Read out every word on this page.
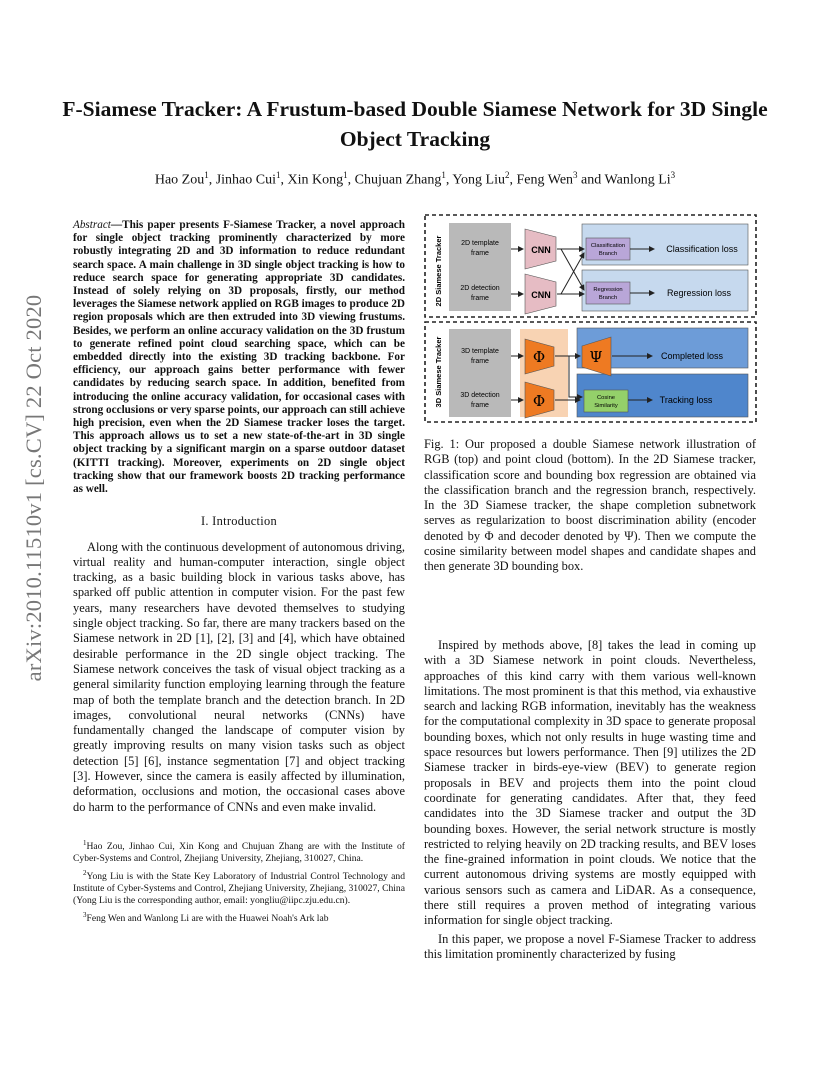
arXiv:2010.11510v1 [cs.CV] 22 Oct 2020
F-Siamese Tracker: A Frustum-based Double Siamese Network for 3D Single Object Tracking
Hao Zou$^1$, Jinhao Cui$^1$, Xin Kong$^1$, Chujuan Zhang$^1$, Yong Liu$^2$, Feng Wen$^3$ and Wanlong Li$^3$

Abstract—This paper presents F-Siamese Tracker, a novel approach for single object tracking prominently characterized by more robustly integrating 2D and 3D information to reduce redundant search space. A main challenge in 3D single object tracking is how to reduce search space for generating appropriate 3D candidates. Instead of solely relying on 3D proposals, firstly, our method leverages the Siamese network applied on RGB images to produce 2D region proposals which are then extruded into 3D viewing frustums. Besides, we perform an online accuracy validation on the 3D frustum to generate refined point cloud searching space, which can be embedded directly into the existing 3D tracking backbone. For efficiency, our approach gains better performance with fewer candidates by reducing search space. In addition, benefited from introducing the online accuracy validation, for occasional cases with strong occlusions or very sparse points, our approach can still achieve high precision, even when the 2D Siamese tracker loses the target. This approach allows us to set a new state-of-the-art in 3D single object tracking by a significant margin on a sparse outdoor dataset (KITTI tracking). Moreover, experiments on 2D single object tracking show that our framework boosts 2D tracking performance as well.

I. Introduction

Along with the continuous development of autonomous driving, virtual reality and human-computer interaction, single object tracking, as a basic building block in various tasks above, has sparked off public attention in computer vision. For the past few years, many researchers have devoted themselves to studying single object tracking. So far, there are many trackers based on the Siamese network in 2D [1], [2], [3] and [4], which have obtained desirable performance in the 2D single object tracking. The Siamese network conceives the task of visual object tracking as a general similarity function employing learning through the feature map of both the template branch and the detection branch. In 2D images, convolutional neural networks (CNNs) have fundamentally changed the landscape of computer vision by greatly improving results on many vision tasks such as object detection [5] [6], instance segmentation [7] and object tracking [3]. However, since the camera is easily affected by illumination, deformation, occlusions and motion, the occasional cases above do harm to the performance of CNNs and even make invalid.

$^1$Hao Zou, Jinhao Cui, Xin Kong and Chujuan Zhang are with the Institute of Cyber-Systems and Control, Zhejiang University, Zhejiang, 310027, China.

$^2$Yong Liu is with the State Key Laboratory of Industrial Control Technology and Institute of Cyber-Systems and Control, Zhejiang University, Zhejiang, 310027, China (Yong Liu is the corresponding author, email: yongliu@iipc.zju.edu.cn).

$^3$Feng Wen and Wanlong Li are with the Huawei Noah's Ark lab

2D Siamese Tracker	2D template
frame
2D detection
frame
CNN
CNN
Classification
Branch
Regression
Branch
Classification loss
Regression loss
3D Siamese Tracker	3D template
frame
3D detection
frame
Φ
Φ
Ψ
Cosine
Similarity
Completed loss
Tracking loss

Fig. 1: Our proposed a double Siamese network illustration of RGB (top) and point cloud (bottom). In the 2D Siamese tracker, classification score and bounding box regression are obtained via the classification branch and the regression branch, respectively. In the 3D Siamese tracker, the shape completion subnetwork serves as regularization to boost discrimination ability (encoder denoted by Φ and decoder denoted by Ψ). Then we compute the cosine similarity between model shapes and candidate shapes and then generate 3D bounding box.

Inspired by methods above, [8] takes the lead in coming up with a 3D Siamese network in point clouds. Nevertheless, approaches of this kind carry with them various well-known limitations. The most prominent is that this method, via exhaustive search and lacking RGB information, inevitably has the weakness for the computational complexity in 3D space to generate proposal bounding boxes, which not only results in huge wasting time and space resources but lowers performance. Then [9] utilizes the 2D Siamese tracker in birds-eye-view (BEV) to generate region proposals in BEV and projects them into the point cloud coordinate for generating candidates. After that, they feed candidates into the 3D Siamese tracker and output the 3D bounding boxes. However, the serial network structure is mostly restricted to relying heavily on 2D tracking results, and BEV loses the fine-grained information in point clouds. We notice that the current autonomous driving systems are mostly equipped with various sensors such as camera and LiDAR. As a consequence, there still requires a proven method of integrating various information for single object tracking.

In this paper, we propose a novel F-Siamese Tracker to address this limitation prominently characterized by fusing
